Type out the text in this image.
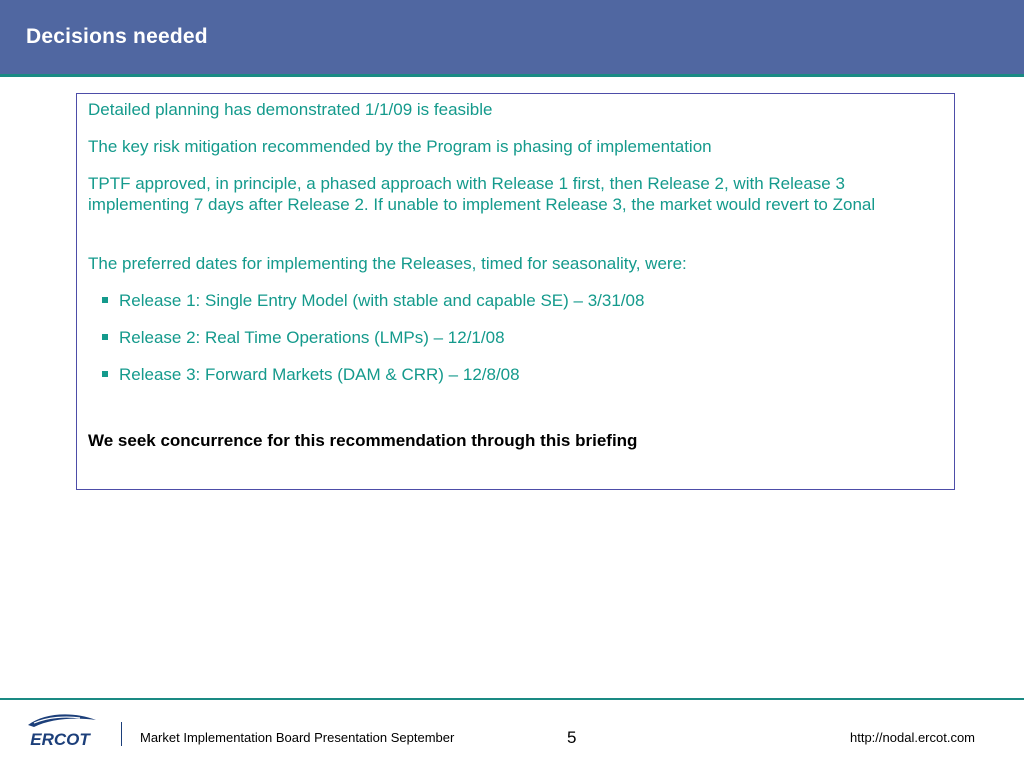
Decisions needed
Detailed planning has demonstrated 1/1/09 is feasible
The key risk mitigation recommended by the Program is phasing of implementation
TPTF approved, in principle, a phased approach with Release 1 first, then Release 2, with Release 3 implementing 7 days after Release 2. If unable to implement Release 3, the market would revert to Zonal
The preferred dates for implementing the Releases, timed for seasonality, were:
Release 1: Single Entry Model (with stable and capable SE) – 3/31/08
Release 2: Real Time Operations (LMPs) – 12/1/08
Release 3: Forward Markets (DAM & CRR) – 12/8/08
We seek concurrence for this recommendation through this briefing
ERCOT	Market Implementation Board Presentation September	5	http://nodal.ercot.com
